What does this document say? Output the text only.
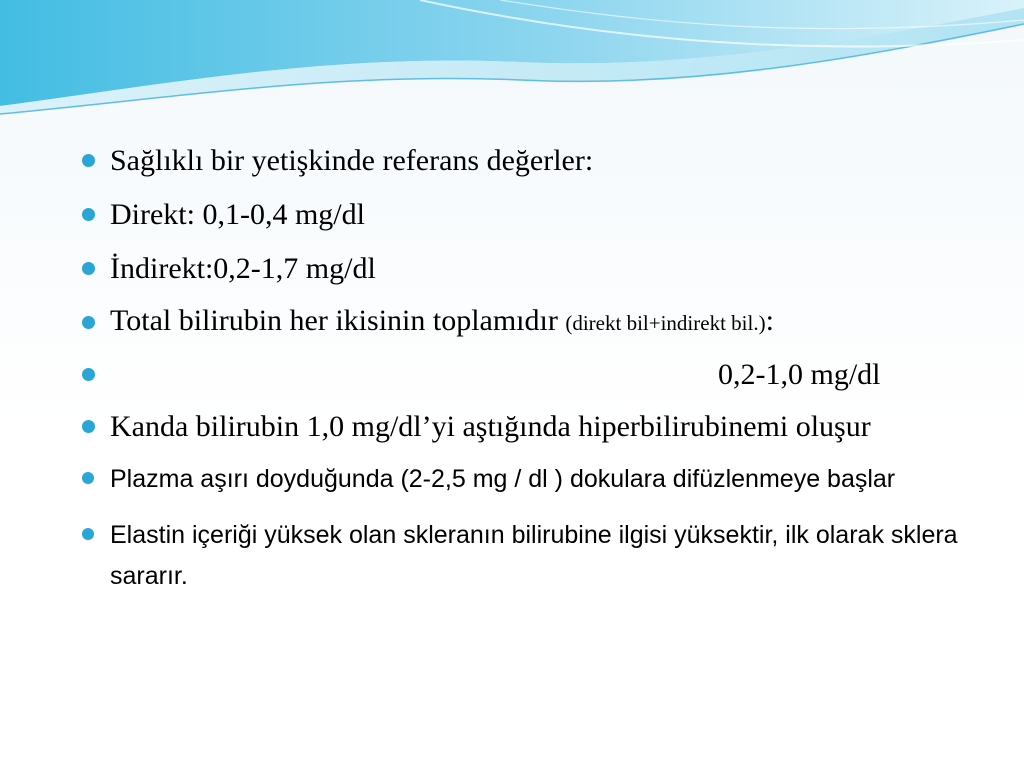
Sağlıklı bir yetişkinde referans değerler:
Direkt: 0,1-0,4 mg/dl
İndirekt:0,2-1,7 mg/dl
Total bilirubin her ikisinin toplamıdır (direkt bil+indirekt bil.):
0,2-1,0 mg/dl
Kanda bilirubin 1,0 mg/dl’yi aştığında hiperbilirubinemi oluşur
Plazma aşırı doyduğunda (2-2,5 mg / dl ) dokulara difüzlenmeye başlar
Elastin içeriği yüksek olan skleranın bilirubine ilgisi yüksektir, ilk olarak sklera sararır.
